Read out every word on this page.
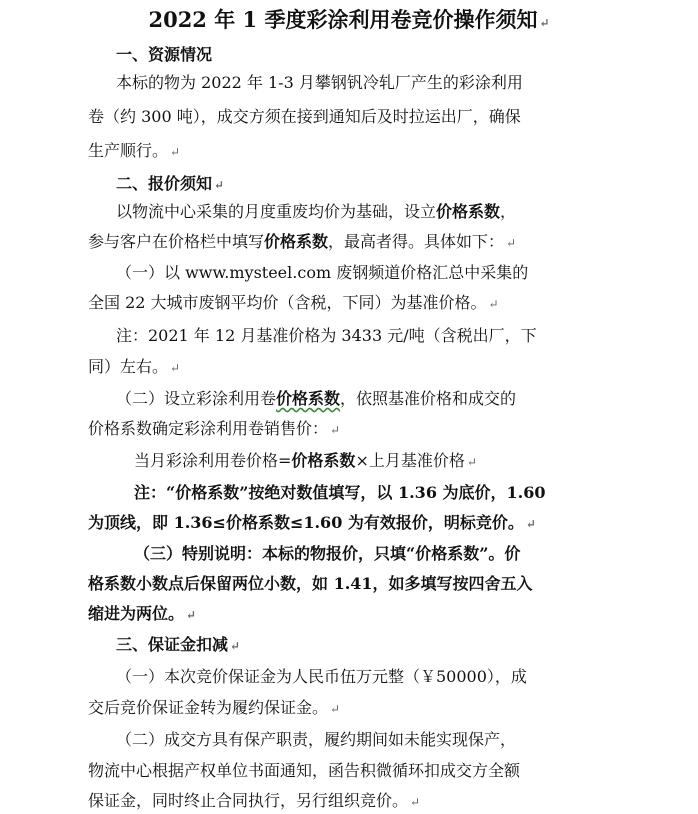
2022 年 1 季度彩涂利用卷竞价操作须知 ↵
一、资源情况
本标的物为 2022 年 1-3 月攀钢钒冷轧厂产生的彩涂利用
卷（约 300 吨），成交方须在接到通知后及时拉运出厂，确保
生产顺行。 ↵
二、报价须知 ↵
以物流中心采集的月度重废均价为基础，设立价格系数，
参与客户在价格栏中填写价格系数，最高者得。具体如下： ↵
（一）以 www.mysteel.com 废钢频道价格汇总中采集的
全国 22 大城市废钢平均价（含税，下同）为基准价格。 ↵
注：2021 年 12 月基准价格为 3433 元/吨（含税出厂，下
同）左右。 ↵
（二）设立彩涂利用卷价格系数，依照基准价格和成交的
价格系数确定彩涂利用卷销售价： ↵
当月彩涂利用卷价格=价格系数×上月基准价格 ↵
注：“价格系数”按绝对数值填写，以 1.36 为底价，1.60
为顶线，即 1.36≤价格系数≤1.60 为有效报价，明标竞价。 ↵
（三）特别说明：本标的物报价，只填“价格系数”。价
格系数小数点后保留两位小数，如 1.41，如多填写按四舍五入
缩进为两位。 ↵
三、保证金扣减 ↵
（一）本次竞价保证金为人民币伍万元整（￥50000），成
交后竞价保证金转为履约保证金。 ↵
（二）成交方具有保产职责，履约期间如未能实现保产，
物流中心根据产权单位书面通知，函告积微循环扣成交方全额
保证金，同时终止合同执行，另行组织竞价。 ↵
